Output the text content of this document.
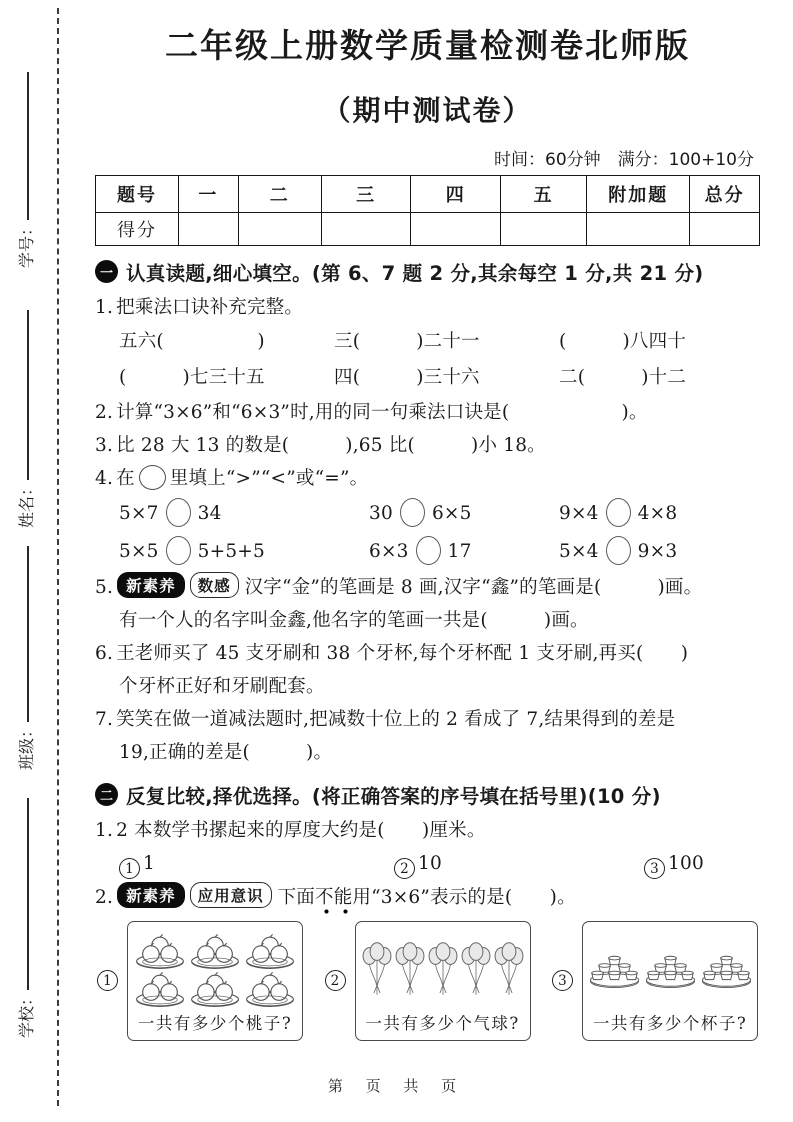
学号：
姓名：
班级：
学校：
二年级上册数学质量检测卷北师版
（期中测试卷）
时间：60分钟　满分：100+10分
题号	一	二	三	四	五	附加题	总分
得分							
一 认真读题,细心填空。(第 6、7 题 2 分,其余每空 1 分,共 21 分)
1. 把乘法口诀补充完整。
五六(　　　　　)	三(　　　)二十一	(　　　)八四十
(　　　)七三十五	四(　　　)三十六	二(　　　)十二
2. 计算“3×6”和“6×3”时,用的同一句乘法口诀是(　　　　　　)。
3. 比 28 大 13 的数是(　　　),65 比(　　　)小 18。
4. 在 里填上“>”“<”或“=”。
5×7 34	30 6×5	9×4 4×8
5×5 5+5+5	6×3 17	5×4 9×3
5. 新素养 数感 汉字“金”的笔画是 8 画,汉字“鑫”的笔画是(　　　)画。
有一个人的名字叫金鑫,他名字的笔画一共是(　　　)画。
6. 王老师买了 45 支牙刷和 38 个牙杯,每个牙杯配 1 支牙刷,再买(　　)
个牙杯正好和牙刷配套。
7. 笑笑在做一道减法题时,把减数十位上的 2 看成了 7,结果得到的差是
19,正确的差是(　　　)。
二 反复比较,择优选择。(将正确答案的序号填在括号里)(10 分)
1. 2 本数学书摞起来的厚度大约是(　　)厘米。
1 1	2 10	3 100
2. 新素养 应用意识 下面不能用“3×6”表示的是(　　)。
1
一共有多少个桃子?
2
一共有多少个气球?
3
一共有多少个杯子?
第 页 共 页
